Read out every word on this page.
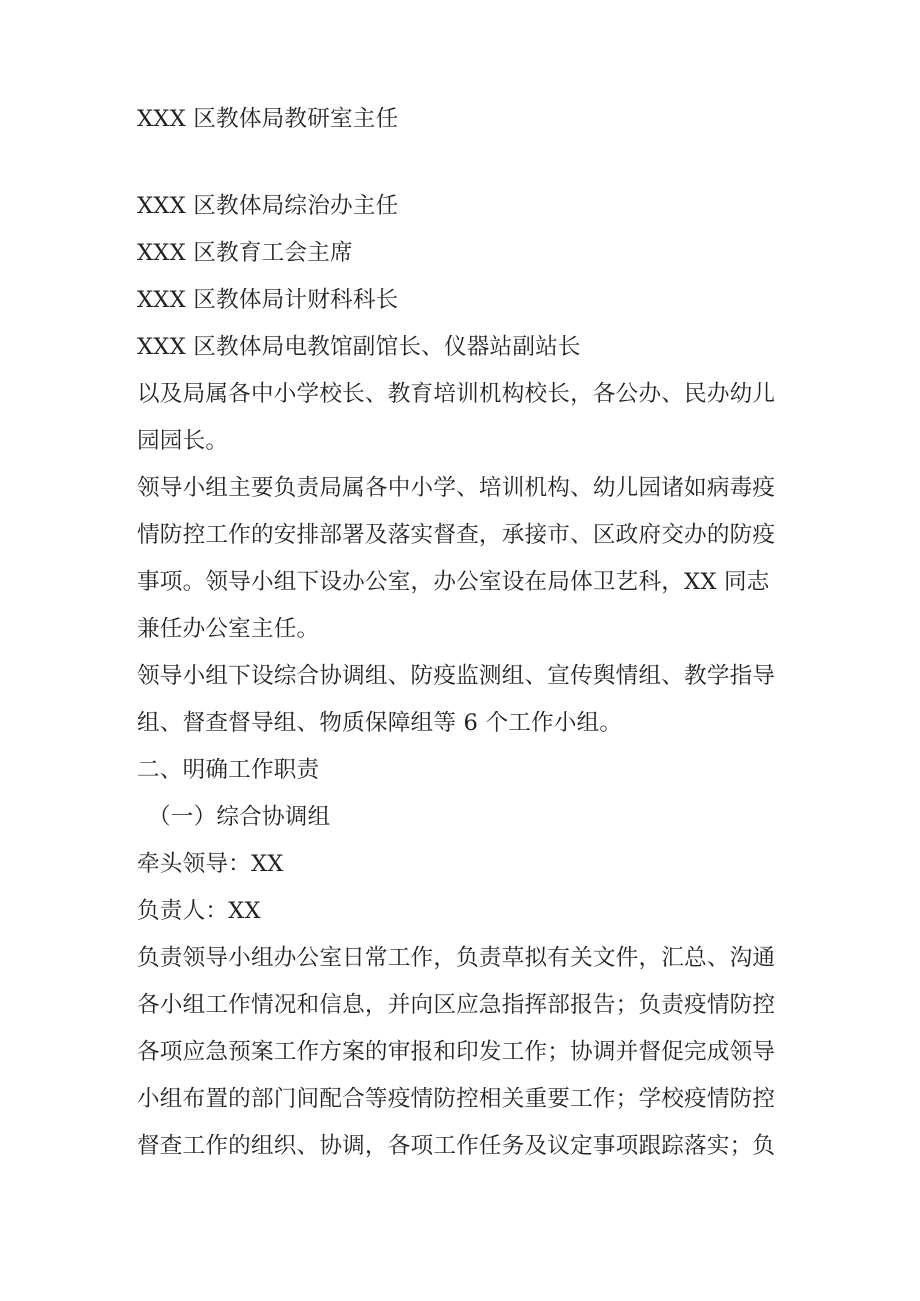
XXX 区教体局教研室主任
XXX 区教体局综治办主任
XXX 区教育工会主席
XXX 区教体局计财科科长
XXX 区教体局电教馆副馆长、仪器站副站长
以及局属各中小学校长、教育培训机构校长，各公办、民办幼儿
园园长。
领导小组主要负责局属各中小学、培训机构、幼儿园诸如病毒疫
情防控工作的安排部署及落实督查，承接市、区政府交办的防疫
事项。领导小组下设办公室，办公室设在局体卫艺科，XX 同志
兼任办公室主任。
领导小组下设综合协调组、防疫监测组、宣传舆情组、教学指导
组、督查督导组、物质保障组等 6 个工作小组。
二、明确工作职责
（一）综合协调组
牵头领导：XX
负责人：XX
负责领导小组办公室日常工作，负责草拟有关文件，汇总、沟通
各小组工作情况和信息，并向区应急指挥部报告；负责疫情防控
各项应急预案工作方案的审报和印发工作；协调并督促完成领导
小组布置的部门间配合等疫情防控相关重要工作；学校疫情防控
督查工作的组织、协调，各项工作任务及议定事项跟踪落实；负
